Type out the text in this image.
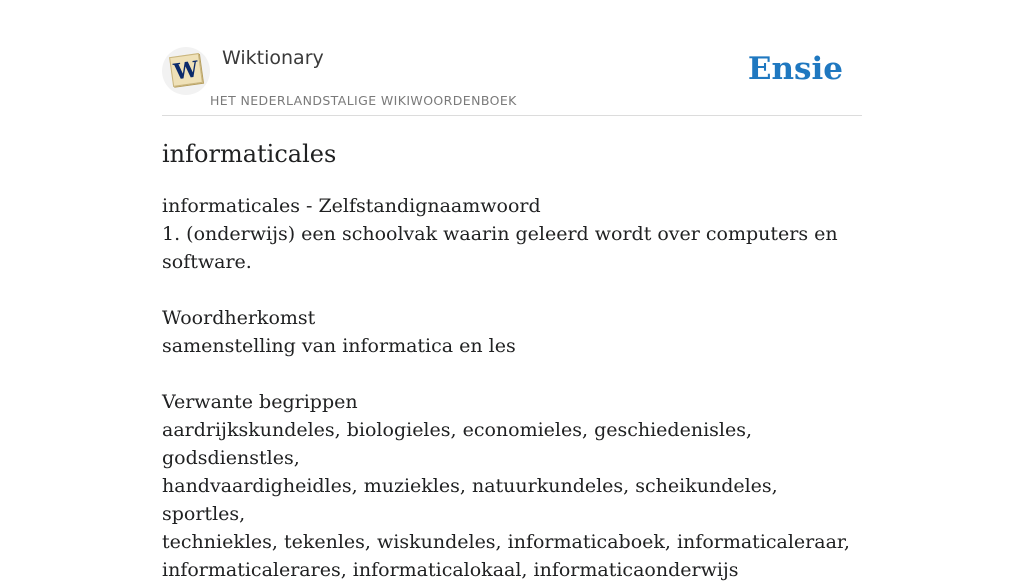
W Wiktionary
HET NEDERLANDSTALIGE WIKIWOORDENBOEK
Ensie
informaticales

informaticales - Zelfstandignaamwoord

1. (onderwijs) een schoolvak waarin geleerd wordt over computers en software.

Woordherkomst

samenstelling van informatica en les

Verwante begrippen

aardrijkskundeles, biologieles, economieles, geschiedenisles, godsdienstles,

handvaardigheidles, muziekles, natuurkundeles, scheikundeles, sportles,

techniekles, tekenles, wiskundeles, informaticaboek, informaticaleraar,

informaticalerares, informaticalokaal, informaticaonderwijs
